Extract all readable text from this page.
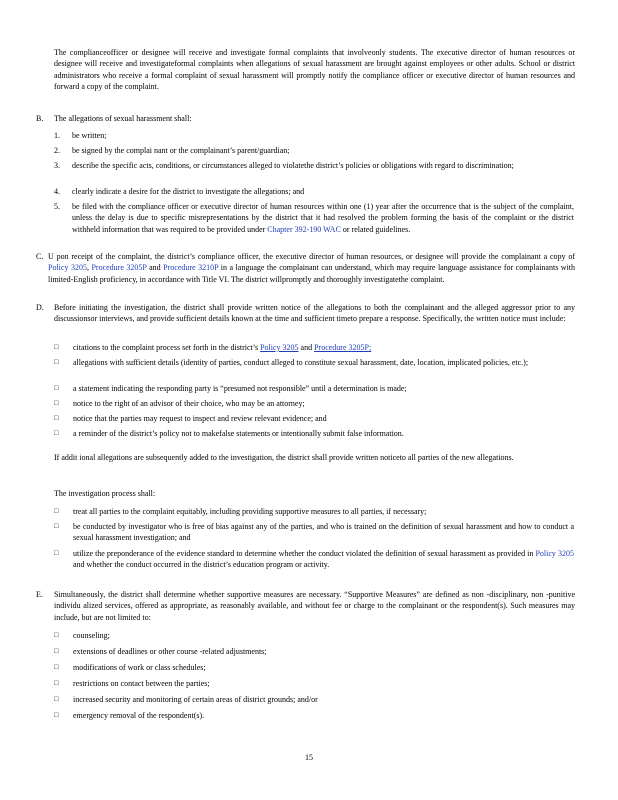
The complianceofficer or designee will receive and investigate formal complaints that involveonly students. The executive director of human resources or designee will receive and investigateformal complaints when allegations of sexual harassment are brought against employees or other adults. School or district administrators who receive a formal complaint of sexual harassment will promptly notify the compliance officer or executive director of human resources and forward a copy of the complaint.

B. The allegations of sexual harassment shall:
1. be written;
2. be signed by the complai nant or the complainant’s parent/guardian;
3. describe the specific acts, conditions, or circumstances alleged to violatethe district’s policies or obligations with regard to discrimination;
4. clearly indicate a desire for the district to investigate the allegations; and
5. be filed with the compliance officer or executive director of human resources within one (1) year after the occurrence that is the subject of the complaint, unless the delay is due to specific misrepresentations by the district that it had resolved the problem forming the basis of the complaint or the district withheld information that was required to be provided under Chapter 392-190 WAC or related guidelines.
C. U pon receipt of the complaint, the district’s compliance officer, the executive director of human resources, or designee will provide the complainant a copy of Policy 3205, Procedure 3205P and Procedure 3210P in a language the complainant can understand, which may require language assistance for complainants with limited-English proficiency, in accordance with Title VI. The district willpromptly and thoroughly investigatethe complaint.

D. Before initiating the investigation, the district shall provide written notice of the allegations to both the complainant and the alleged aggressor prior to any discussionsor interviews, and provide sufficient details known at the time and sufficient timeto prepare a response. Specifically, the written notice must include:

□ citations to the complaint process set forth in the district’s Policy 3205 and Procedure 3205P;
□ allegations with sufficient details (identity of parties, conduct alleged to constitute sexual harassment, date, location, implicated policies, etc.);
□ a statement indicating the responding party is “presumed not responsible” until a determination is made;
□ notice to the right of an advisor of their choice, who may be an attorney;
□ notice that the parties may request to inspect and review relevant evidence; and
□ a reminder of the district’s policy not to makefalse statements or intentionally submit false information.

If addit ional allegations are subsequently added to the investigation, the district shall provide written noticeto all parties of the new allegations.

The investigation process shall:

□ treat all parties to the complaint equitably, including providing supportive measures to all parties, if necessary;
□ be conducted by investigator who is free of bias against any of the parties, and who is trained on the definition of sexual harassment and how to conduct a sexual harassment investigation; and
□ utilize the preponderance of the evidence standard to determine whether the conduct violated the definition of sexual harassment as provided in Policy 3205 and whether the conduct occurred in the district’s education program or activity.
E. Simultaneously, the district shall determine whether supportive measures are necessary. “Supportive Measures” are defined as non -disciplinary, non -punitive individu alized services, offered as appropriate, as reasonably available, and without fee or charge to the complainant or the respondent(s). Such measures may include, but are not limited to:

□ counseling;
□ extensions of deadlines or other course -related adjustments;
□ modifications of work or class schedules;
□ restrictions on contact between the parties;
□ increased security and monitoring of certain areas of district grounds; and/or
□ emergency removal of the respondent(s).
15
